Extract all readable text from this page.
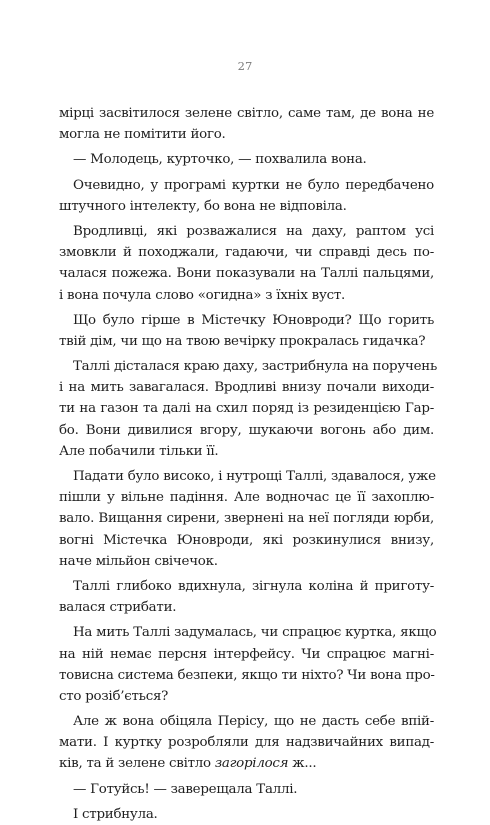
27
мірці засвітилося зелене світло, саме там, де вона не
могла не помітити його.
— Молодець, курточко, — похвалила вона.
Очевидно, у програмі куртки не було передбачено
штучного інтелекту, бо вона не відповіла.
Вродливці, які розважалися на даху, раптом усі
змовкли й походжали, гадаючи, чи справді десь по-
чалася пожежа. Вони показували на Таллі пальцями,
і вона почула слово «огидна» з їхніх вуст.
Що було гірше в Містечку Юновроди? Що горить
твій дім, чи що на твою вечірку прокралась гидачка?
Таллі дісталася краю даху, застрибнула на поручень
і на мить завагалася. Вродливі внизу почали виходи-
ти на газон та далі на схил поряд із резиденцією Гар-
бо. Вони дивилися вгору, шукаючи вогонь або дим.
Але побачили тільки її.
Падати було високо, і нутрощі Таллі, здавалося, уже
пішли у вільне падіння. Але водночас це її захоплю-
вало. Вищання сирени, звернені на неї погляди юрби,
вогні Містечка Юновроди, які розкинулися внизу,
наче мільйон свічечок.
Таллі глибоко вдихнула, зігнула коліна й приготу-
валася стрибати.
На мить Таллі задумалась, чи спрацює куртка, якщо
на ній немає персня інтерфейсу. Чи спрацює магні-
товисна система безпеки, якщо ти ніхто? Чи вона про-
сто розіб’ється?
Але ж вона обіцяла Перісу, що не дасть себе впій-
мати. І куртку розробляли для надзвичайних випад-
ків, та й зелене світло загорілося ж...
— Готуйсь! — заверещала Таллі.
І стрибнула.
